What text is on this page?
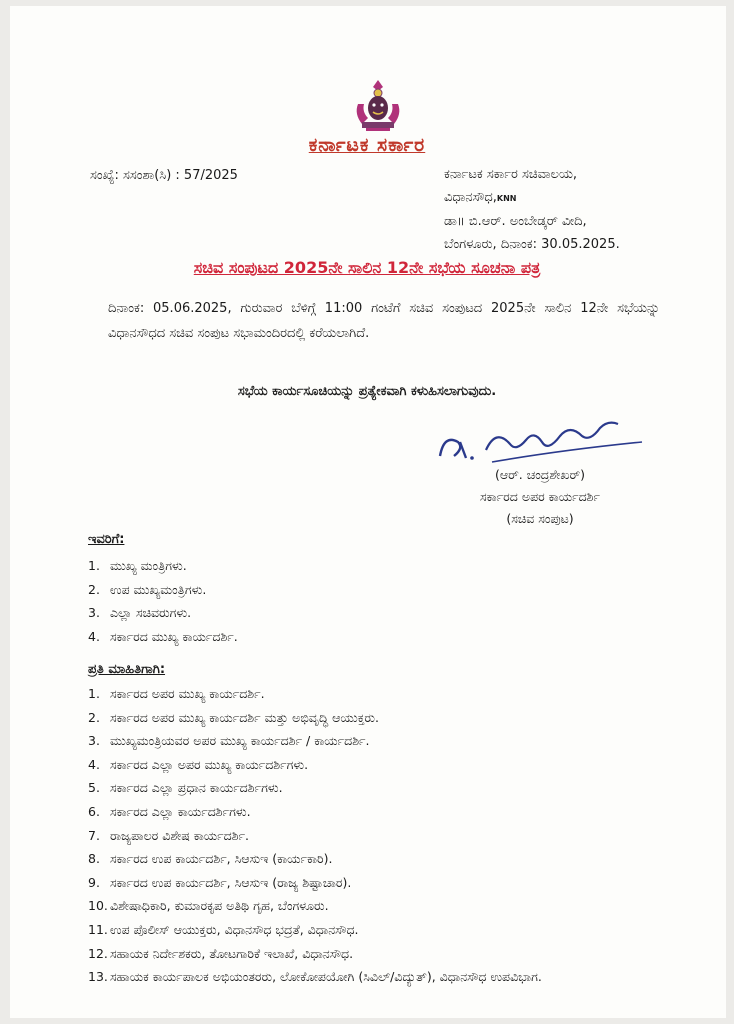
ಕರ್ನಾಟಕ ಸರ್ಕಾರ
ಸಂಖ್ಯೆ: ಸಸಂಶಾ(ಸಿ) : 57/2025	ಕರ್ನಾಟಕ ಸರ್ಕಾರ ಸಚಿವಾಲಯ,
ವಿಧಾನಸೌಧ,KNN
ಡಾ॥ ಬಿ.ಆರ್. ಅಂಬೇಡ್ಕರ್ ವೀದಿ,
ಬೆಂಗಳೂರು, ದಿನಾಂಕ: 30.05.2025.
ಸಚಿವ ಸಂಪುಟದ 2025ನೇ ಸಾಲಿನ 12ನೇ ಸಭೆಯ ಸೂಚನಾ ಪತ್ರ
ದಿನಾಂಕ: 05.06.2025, ಗುರುವಾರ ಬೆಳಿಗ್ಗೆ 11:00 ಗಂಟೆಗೆ ಸಚಿವ ಸಂಪುಟದ 2025ನೇ ಸಾಲಿನ 12ನೇ ಸಭೆಯನ್ನು ವಿಧಾನಸೌಧದ ಸಚಿವ ಸಂಪುಟ ಸಭಾಮಂದಿರದಲ್ಲಿ ಕರೆಯಲಾಗಿದೆ.
ಸಭೆಯ ಕಾರ್ಯಸೂಚಿಯನ್ನು ಪ್ರತ್ಯೇಕವಾಗಿ ಕಳುಹಿಸಲಾಗುವುದು.
(ಆರ್. ಚಂದ್ರಶೇಖರ್)
ಸರ್ಕಾರದ ಅಪರ ಕಾರ್ಯದರ್ಶಿ
(ಸಚಿವ ಸಂಪುಟ)
ಇವರಿಗೆ:
1. ಮುಖ್ಯ ಮಂತ್ರಿಗಳು.
2. ಉಪ ಮುಖ್ಯಮಂತ್ರಿಗಳು.
3. ಎಲ್ಲಾ ಸಚಿವರುಗಳು.
4. ಸರ್ಕಾರದ ಮುಖ್ಯ ಕಾರ್ಯದರ್ಶಿ.
ಪ್ರತಿ ಮಾಹಿತಿಗಾಗಿ:
1. ಸರ್ಕಾರದ ಅಪರ ಮುಖ್ಯ ಕಾರ್ಯದರ್ಶಿ.
2. ಸರ್ಕಾರದ ಅಪರ ಮುಖ್ಯ ಕಾರ್ಯದರ್ಶಿ ಮತ್ತು ಅಭಿವೃದ್ಧಿ ಆಯುಕ್ತರು.
3. ಮುಖ್ಯಮಂತ್ರಿಯವರ ಅಪರ ಮುಖ್ಯ ಕಾರ್ಯದರ್ಶಿ / ಕಾರ್ಯದರ್ಶಿ.
4. ಸರ್ಕಾರದ ಎಲ್ಲಾ ಅಪರ ಮುಖ್ಯ ಕಾರ್ಯದರ್ಶಿಗಳು.
5. ಸರ್ಕಾರದ ಎಲ್ಲಾ ಪ್ರಧಾನ ಕಾರ್ಯದರ್ಶಿಗಳು.
6. ಸರ್ಕಾರದ ಎಲ್ಲಾ ಕಾರ್ಯದರ್ಶಿಗಳು.
7. ರಾಜ್ಯಪಾಲರ ವಿಶೇಷ ಕಾರ್ಯದರ್ಶಿ.
8. ಸರ್ಕಾರದ ಉಪ ಕಾರ್ಯದರ್ಶಿ, ಸಿಆಸುಇ (ಕಾರ್ಯಕಾರಿ).
9. ಸರ್ಕಾರದ ಉಪ ಕಾರ್ಯದರ್ಶಿ, ಸಿಆಸುಇ (ರಾಜ್ಯ ಶಿಷ್ಟಾಚಾರ).
10. ವಿಶೇಷಾಧಿಕಾರಿ, ಕುಮಾರಕೃಪ ಅತಿಥಿ ಗೃಹ, ಬೆಂಗಳೂರು.
11. ಉಪ ಪೊಲೀಸ್ ಆಯುಕ್ತರು, ವಿಧಾನಸೌಧ ಭದ್ರತೆ, ವಿಧಾನಸೌಧ.
12. ಸಹಾಯಕ ನಿರ್ದೇಶಕರು, ತೋಟಗಾರಿಕೆ ಇಲಾಖೆ, ವಿಧಾನಸೌಧ.
13. ಸಹಾಯಕ ಕಾರ್ಯಪಾಲಕ ಅಭಿಯಂತರರು, ಲೋಕೋಪಯೋಗಿ (ಸಿವಿಲ್/ವಿದ್ಯುತ್), ವಿಧಾನಸೌಧ ಉಪವಿಭಾಗ.
